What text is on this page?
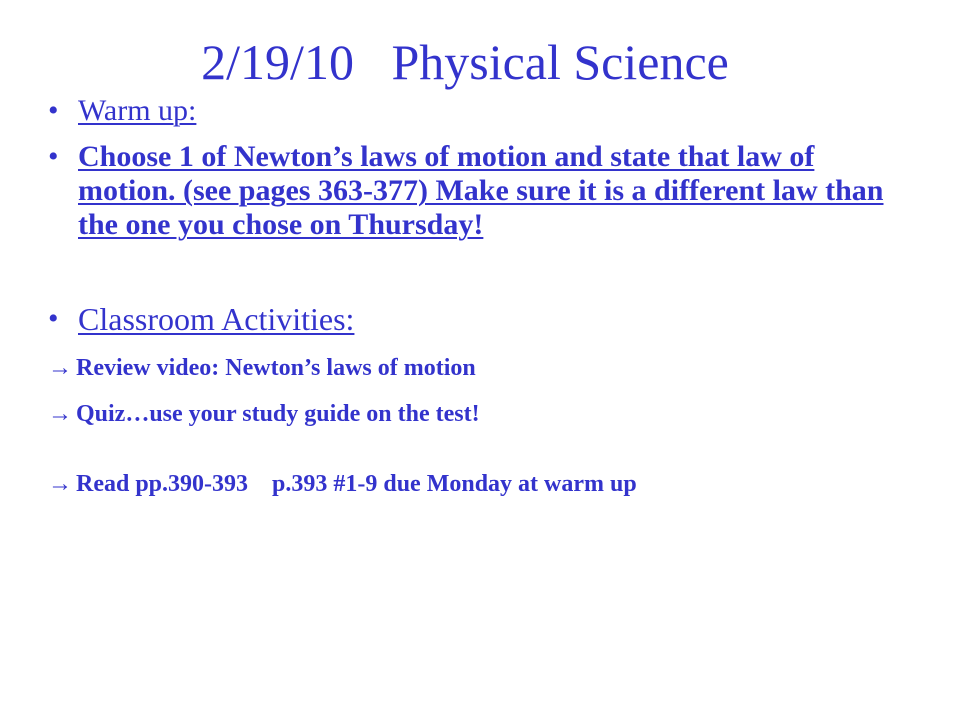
2/19/10   Physical Science
• Warm up:
• Choose 1 of Newton’s laws of motion and state that law of motion. (see pages 363-377) Make sure it is a different law than the one you chose on Thursday!
• Classroom Activities:
→ Review video: Newton’s laws of motion
→ Quiz…use your study guide on the test!
→ Read pp.390-393    p.393 #1-9 due Monday at warm up
